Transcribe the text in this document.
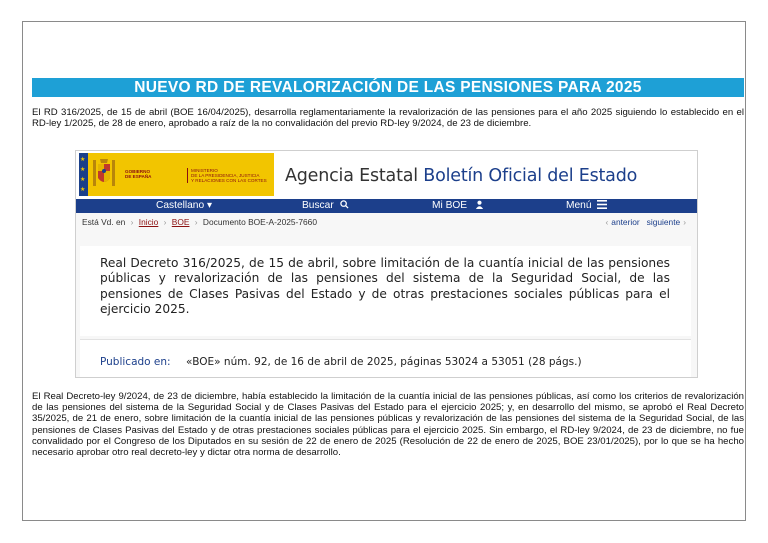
NUEVO RD DE REVALORIZACIÓN DE LAS PENSIONES PARA 2025
El RD 316/2025, de 15 de abril (BOE 16/04/2025), desarrolla reglamentariamente la revalorización de las pensiones para el año 2025 siguiendo lo establecido en el RD-ley 1/2025, de 28 de enero, aprobado a raíz de la no convalidación del previo RD-ley 9/2024, de 23 de diciembre.
★
★
★
★
GOBIERNO
DE ESPAÑA
MINISTERIO
DE LA PRESIDENCIA, JUSTICIA
Y RELACIONES CON LAS CORTES Agencia Estatal Boletín Oficial del Estado
Castellano ▾	Buscar	Mi BOE	Menú
Está Vd. en › Inicio › BOE › Documento BOE-A-2025-7660	‹ anterior siguiente ›
Real Decreto 316/2025, de 15 de abril, sobre limitación de la cuantía inicial de las pensiones públicas y revalorización de las pensiones del sistema de la Seguridad Social, de las pensiones de Clases Pasivas del Estado y de otras prestaciones sociales públicas para el ejercicio 2025.
Publicado en: «BOE» núm. 92, de 16 de abril de 2025, páginas 53024 a 53051 (28 págs.)
El Real Decreto-ley 9/2024, de 23 de diciembre, había establecido la limitación de la cuantía inicial de las pensiones públicas, así como los criterios de revalorización de las pensiones del sistema de la Seguridad Social y de Clases Pasivas del Estado para el ejercicio 2025; y, en desarrollo del mismo, se aprobó el Real Decreto 35/2025, de 21 de enero, sobre limitación de la cuantía inicial de las pensiones públicas y revalorización de las pensiones del sistema de la Seguridad Social, de las pensiones de Clases Pasivas del Estado y de otras prestaciones sociales públicas para el ejercicio 2025. Sin embargo, el RD-ley 9/2024, de 23 de diciembre, no fue convalidado por el Congreso de los Diputados en su sesión de 22 de enero de 2025 (Resolución de 22 de enero de 2025, BOE 23/01/2025), por lo que se ha hecho necesario aprobar otro real decreto-ley y dictar otra norma de desarrollo.
